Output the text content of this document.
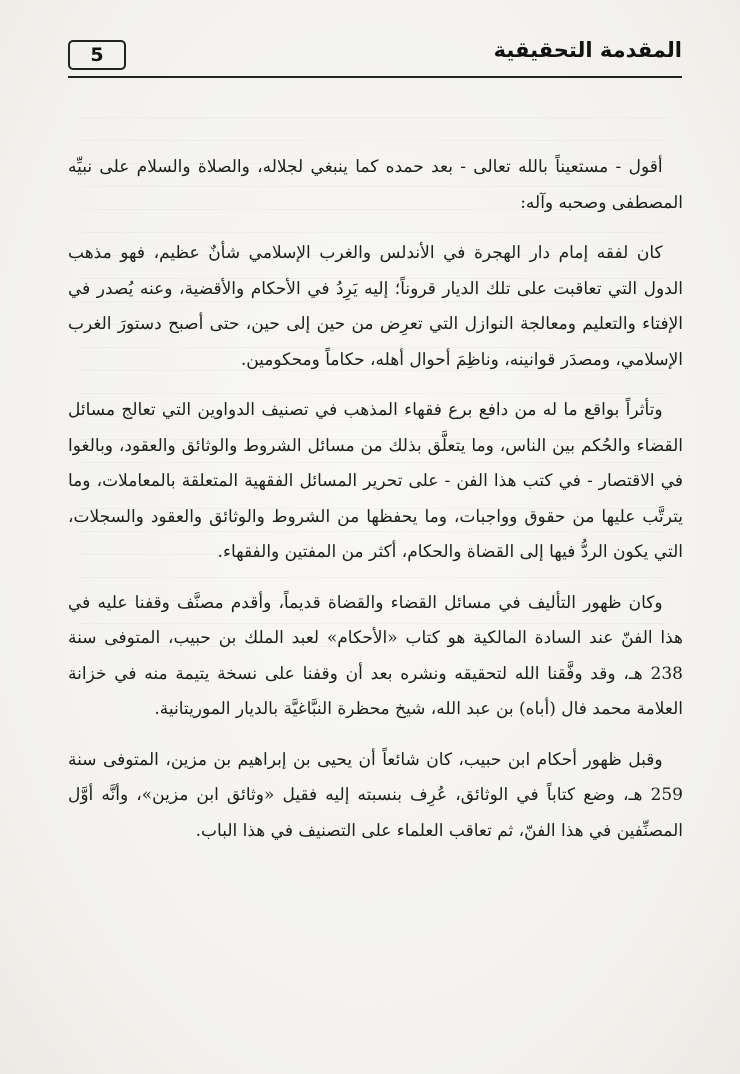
5	المقدمة التحقيقية

أقول - مستعيناً بالله تعالى - بعد حمده كما ينبغي لجلاله، والصلاة والسلام على نبيِّه المصطفى وصحبه وآله:

كان لفقه إمام دار الهجرة في الأندلس والغرب الإسلامي شأنٌ عظيم، فهو مذهب الدول التي تعاقبت على تلك الديار قروناً؛ إليه يَرِدُ في الأحكام والأقضية، وعنه يُصدر في الإفتاء والتعليم ومعالجة النوازل التي تعرِض من حين إلى حين، حتى أصبح دستورَ الغرب الإسلامي، ومصدَر قوانينه، وناظِمَ أحوال أهله، حكاماً ومحكومين.

وتأثراً بواقع ما له من دافع برع فقهاء المذهب في تصنيف الدواوين التي تعالج مسائل القضاء والحُكم بين الناس، وما يتعلَّق بذلك من مسائل الشروط والوثائق والعقود، وبالغوا في الاقتصار - في كتب هذا الفن - على تحرير المسائل الفقهية المتعلقة بالمعاملات، وما يترتَّب عليها من حقوق وواجبات، وما يحفظها من الشروط والوثائق والعقود والسجلات، التي يكون الردُّ فيها إلى القضاة والحكام، أكثر من المفتين والفقهاء.

وكان ظهور التأليف في مسائل القضاء والقضاة قديماً، وأقدم مصنَّف وقفنا عليه في هذا الفنّ عند السادة المالكية هو كتاب «الأحكام» لعبد الملك بن حبيب، المتوفى سنة 238 هـ، وقد وفَّقنا الله لتحقيقه ونشره بعد أن وقفنا على نسخة يتيمة منه في خزانة العلامة محمد فال (أباه) بن عبد الله، شيخ محظرة النبَّاغيَّة بالديار الموريتانية.

وقبل ظهور أحكام ابن حبيب، كان شائعاً أن يحيى بن إبراهيم بن مزين، المتوفى سنة 259 هـ، وضع كتاباً في الوثائق، عُرِف بنسبته إليه فقيل «وثائق ابن مزين»، وأنَّه أوَّل المصنِّفين في هذا الفنّ، ثم تعاقب العلماء على التصنيف في هذا الباب.
